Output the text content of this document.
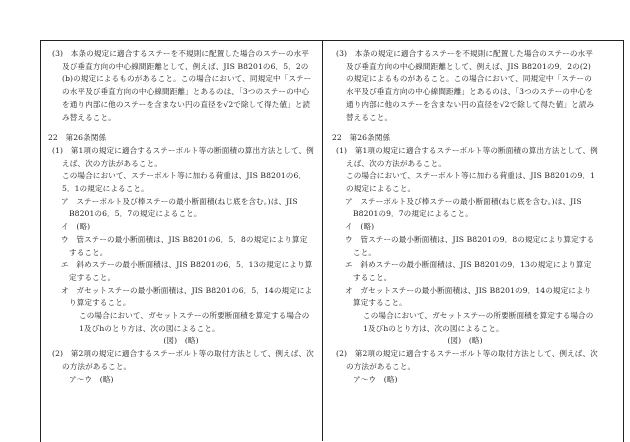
(3)　本条の規定に適合するステーを不規則に配置した場合のステーの水平及び垂直方向の中心線間距離として、例えば、JIS B8201の6．5．2の(b)の規定によるものがあること。この場合において、同規定中「ステーの水平及び垂直方向の中心線間距離」とあるのは、「3つのステーの中心を通り内部に他のステーを含まない円の直径を√2で除して得た値」と読み替えること。

22　第26条関係

(1)　第1項の規定に適合するステーボルト等の断面積の算出方法として、例えば、次の方法があること。

この場合において、ステーボルト等に加わる荷重は、JIS B8201の6．5．1の規定によること。

ア　ステーボルト及び棒ステーの最小断面積(ねじ底を含む。)は、JIS B8201の6．5．7の規定によること。

イ　(略)

ウ　管ステーの最小断面積は、JIS B8201の6．5．8の規定により算定すること。

エ　斜めステーの最小断面積は、JIS B8201の6．5．13の規定により算定すること。

オ　ガセットステーの最小断面積は、JIS B8201の6．5．14の規定により算定すること。

この場合において、ガセットステーの所要断面積を算定する場合の1及びhのとり方は、次の図によること。

(図)　(略)

(2)　第2項の規定に適合するステーボルト等の取付方法として、例えば、次の方法があること。

ア〜ウ　(略)

(3)　本条の規定に適合するステーを不規則に配置した場合のステーの水平及び垂直方向の中心線間距離として、例えば、JIS B8201の9．2の(2)の規定によるものがあること。この場合において、同規定中「ステーの水平及び垂直方向の中心線間距離」とあるのは、「3つのステーの中心を通り内部に他のステーを含まない円の直径を√2で除して得た値」と読み替えること。

22　第26条関係

(1)　第1項の規定に適合するステーボルト等の断面積の算出方法として、例えば、次の方法があること。

この場合において、ステーボルト等に加わる荷重は、JIS B8201の9．1の規定によること。

ア　ステーボルト及び棒ステーの最小断面積(ねじ底を含む。)は、JIS B8201の9．7の規定によること。

イ　(略)

ウ　管ステーの最小断面積は、JIS B8201の9．8の規定により算定すること。

エ　斜めステーの最小断面積は、JIS B8201の9．13の規定により算定すること。

オ　ガセットステーの最小断面積は、JIS B8201の9．14の規定により算定すること。

この場合において、ガセットステーの所要断面積を算定する場合の1及びhのとり方は、次の図によること。

(図)　(略)

(2)　第2項の規定に適合するステーボルト等の取付方法として、例えば、次の方法があること。

ア〜ウ　(略)
